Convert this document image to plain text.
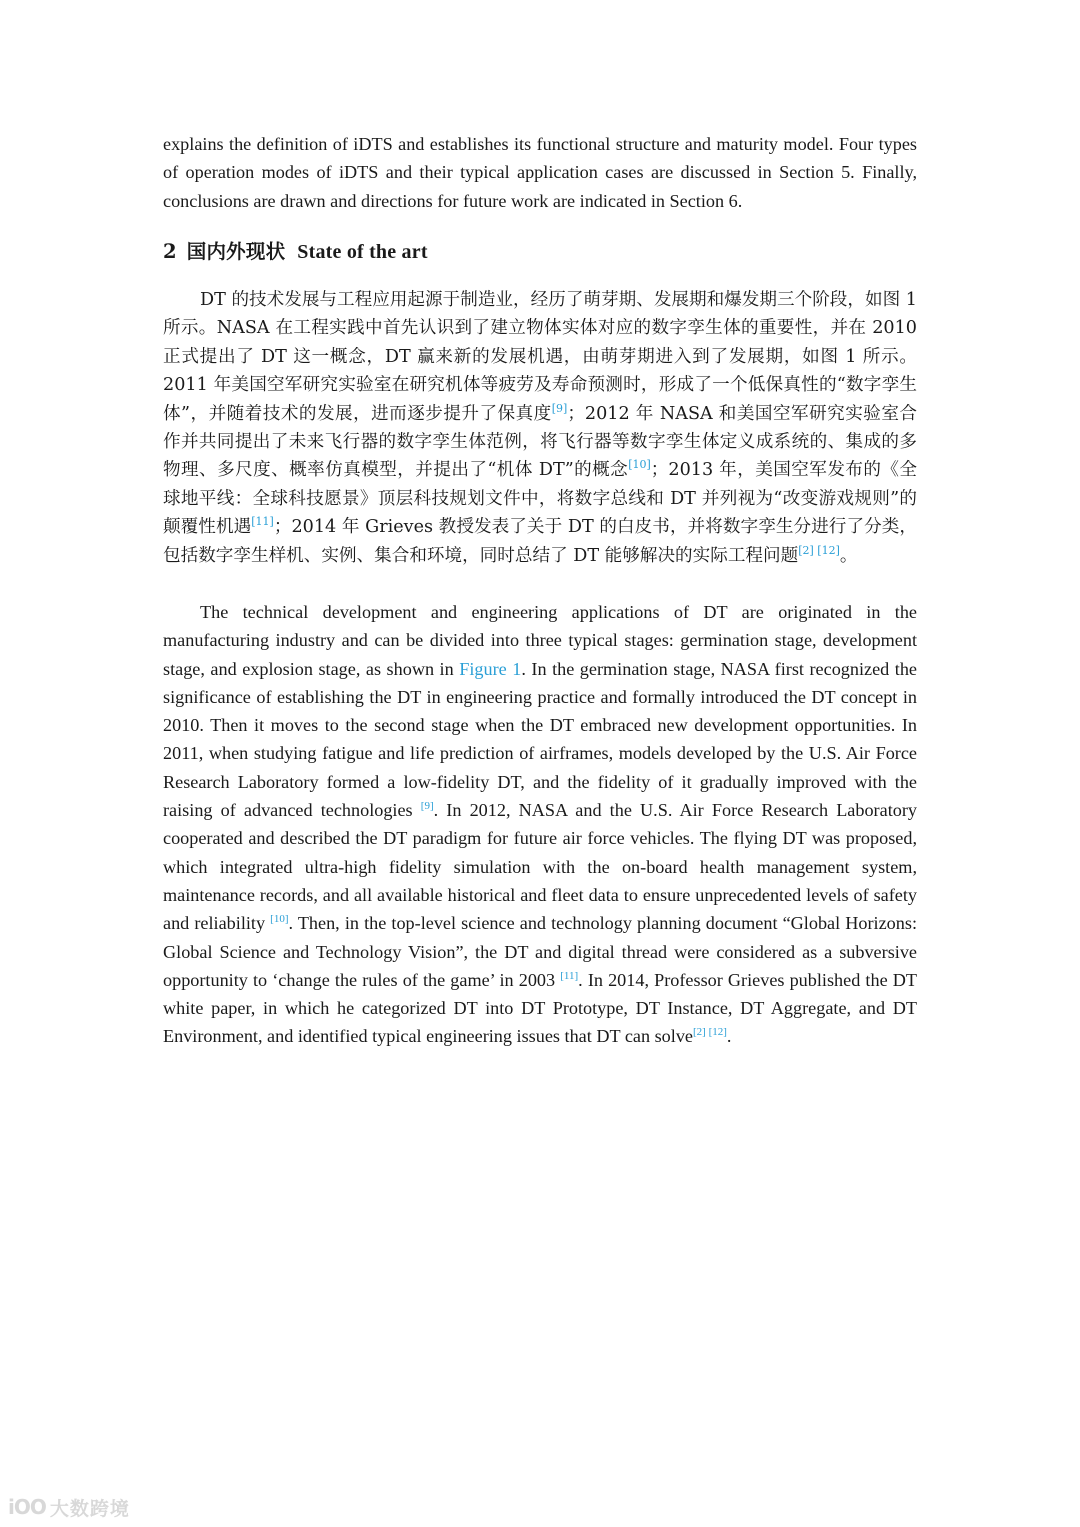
explains the definition of iDTS and establishes its functional structure and maturity model. Four types of operation modes of iDTS and their typical application cases are discussed in Section 5. Finally, conclusions are drawn and directions for future work are indicated in Section 6.

2 国内外现状 State of the art

DT 的技术发展与工程应用起源于制造业，经历了萌芽期、发展期和爆发期三个阶段，如图 1 所示。NASA 在工程实践中首先认识到了建立物体实体对应的数字孪生体的重要性，并在 2010 正式提出了 DT 这一概念，DT 赢来新的发展机遇，由萌芽期进入到了发展期，如图 1 所示。2011 年美国空军研究实验室在研究机体等疲劳及寿命预测时，形成了一个低保真性的“数字孪生体”，并随着技术的发展，进而逐步提升了保真度[9]；2012 年 NASA 和美国空军研究实验室合作并共同提出了未来飞行器的数字孪生体范例，将飞行器等数字孪生体定义成系统的、集成的多物理、多尺度、概率仿真模型，并提出了“机体 DT”的概念[10]；2013 年，美国空军发布的《全球地平线：全球科技愿景》顶层科技规划文件中，将数字总线和 DT 并列视为“改变游戏规则”的颠覆性机遇[11]；2014 年 Grieves 教授发表了关于 DT 的白皮书，并将数字孪生分进行了分类，包括数字孪生样机、实例、集合和环境，同时总结了 DT 能够解决的实际工程问题[2] [12]。

The technical development and engineering applications of DT are originated in the manufacturing industry and can be divided into three typical stages: germination stage, development stage, and explosion stage, as shown in Figure 1. In the germination stage, NASA first recognized the significance of establishing the DT in engineering practice and formally introduced the DT concept in 2010. Then it moves to the second stage when the DT embraced new development opportunities. In 2011, when studying fatigue and life prediction of airframes, models developed by the U.S. Air Force Research Laboratory formed a low-fidelity DT, and the fidelity of it gradually improved with the raising of advanced technologies [9]. In 2012, NASA and the U.S. Air Force Research Laboratory cooperated and described the DT paradigm for future air force vehicles. The flying DT was proposed, which integrated ultra-high fidelity simulation with the on-board health management system, maintenance records, and all available historical and fleet data to ensure unprecedented levels of safety and reliability [10]. Then, in the top-level science and technology planning document “Global Horizons: Global Science and Technology Vision”, the DT and digital thread were considered as a subversive opportunity to ‘change the rules of the game’ in 2003 [11]. In 2014, Professor Grieves published the DT white paper, in which he categorized DT into DT Prototype, DT Instance, DT Aggregate, and DT Environment, and identified typical engineering issues that DT can solve[2] [12].

iOO 大数跨境
